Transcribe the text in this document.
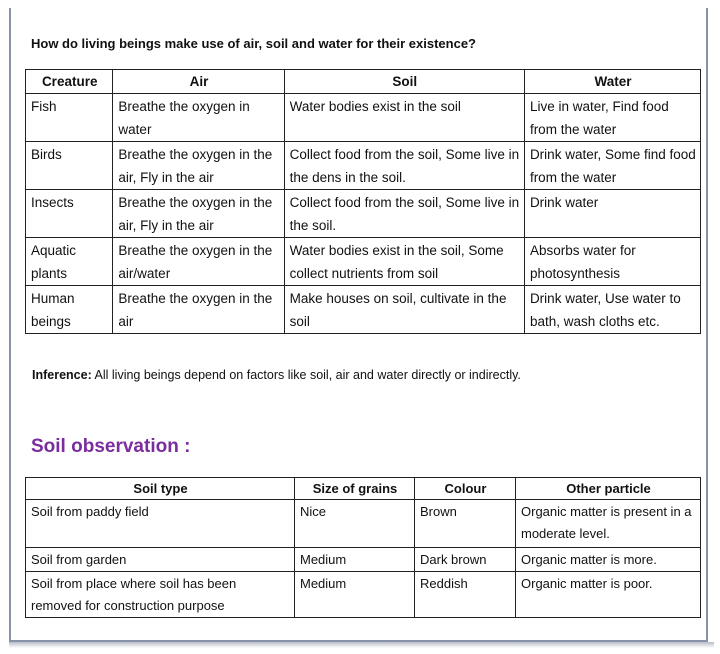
How do living beings make use of air, soil and water for their existence?
Creature	Air	Soil	Water
Fish	Breathe the oxygen in water	Water bodies exist in the soil	Live in water, Find food from the water
Birds	Breathe the oxygen in the air, Fly in the air	Collect food from the soil, Some live in the dens in the soil.	Drink water, Some find food from the water
Insects	Breathe the oxygen in the air, Fly in the air	Collect food from the soil, Some live in the soil.	Drink water
Aquatic plants	Breathe the oxygen in the air/water	Water bodies exist in the soil, Some collect nutrients from soil	Absorbs water for photosynthesis
Human beings	Breathe the oxygen in the air	Make houses on soil, cultivate in the soil	Drink water, Use water to bath, wash cloths etc.
Inference: All living beings depend on factors like soil, air and water directly or indirectly.
Soil observation :
Soil type	Size of grains	Colour	Other particle
Soil from paddy field	Nice	Brown	Organic matter is present in a moderate level.
Soil from garden	Medium	Dark brown	Organic matter is more.
Soil from place where soil has been removed for construction purpose	Medium	Reddish	Organic matter is poor.
